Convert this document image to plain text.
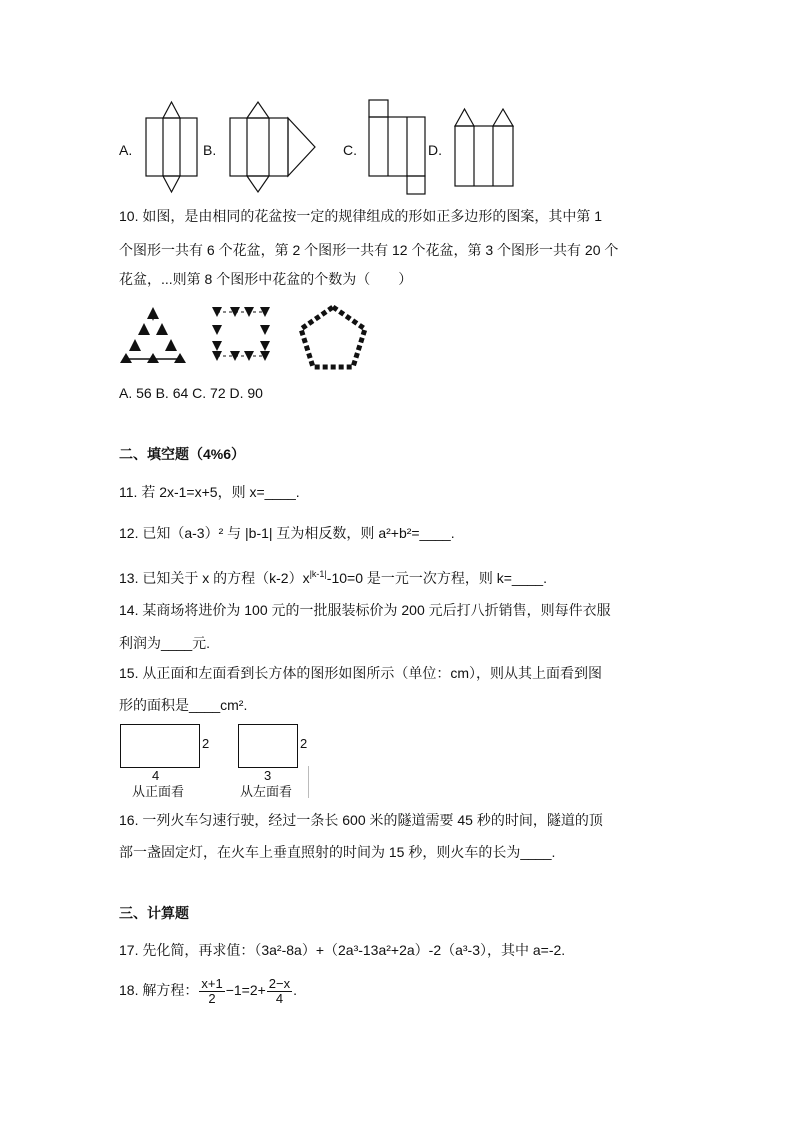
A.	B.	C.	D.
10. 如图，是由相同的花盆按一定的规律组成的形如正多边形的图案，其中第 1
个图形一共有 6 个花盆，第 2 个图形一共有 12 个花盆，第 3 个图形一共有 20 个
花盆，...则第 8 个图形中花盆的个数为（　　）
A. 56 B. 64 C. 72 D. 90
二、填空题（4%6）
11. 若 2x-1=x+5，则 x=____.
12. 已知（a-3）² 与 |b-1| 互为相反数，则 a²+b²=____.
13. 已知关于 x 的方程$(k-2)x^{|k-1|}-10=0$ 是一元一次方程，则 k=____.
14. 某商场将进价为 100 元的一批服装标价为 200 元后打八折销售，则每件衣服
利润为____元.
15. 从正面和左面看到长方体的图形如图所示（单位：cm），则从其上面看到图
形的面积是____cm².
2
4
从正面看
2
3
从左面看
16. 一列火车匀速行驶，经过一条长 600 米的隧道需要 45 秒的时间，隧道的顶
部一盏固定灯，在火车上垂直照射的时间为 15 秒，则火车的长为____.
三、计算题
17. 先化简，再求值：（3a²-8a）+（2a³-13a²+2a）-2（a³-3），其中 a=-2.
18. 解方程： $\frac{x+1}{2} -1=2+ \frac{2-x}{4}$ .
